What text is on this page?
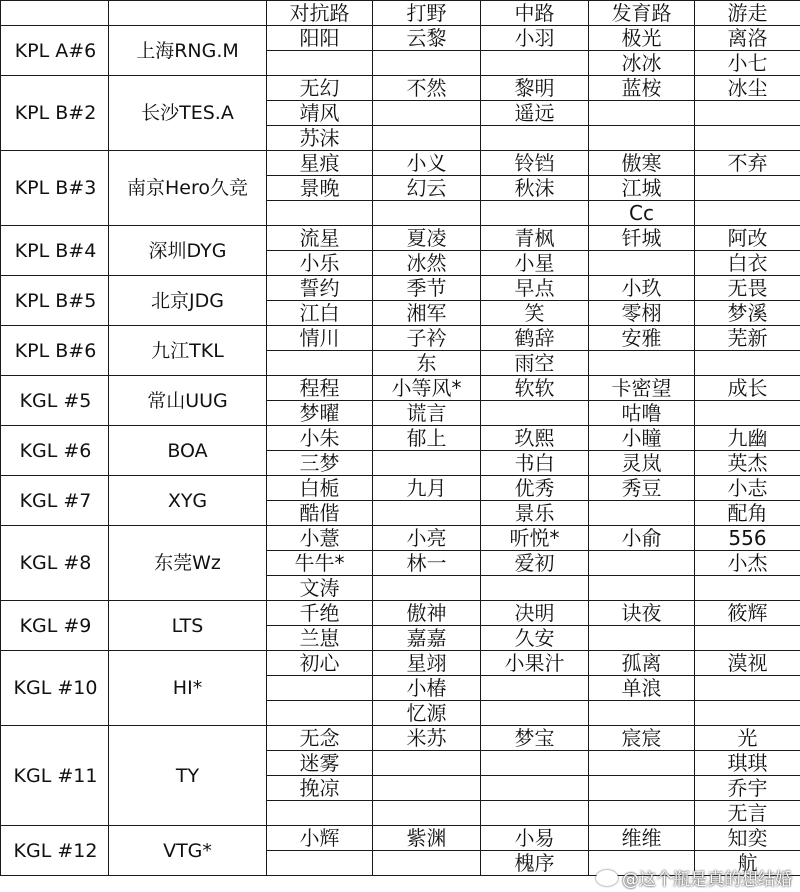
		对抗路	打野	中路	发育路	游走
KPL A#6	上海RNG.M	阳阳	云黎	小羽	极光	离洛
					冰冰	小七
KPL B#2	长沙TES.A	无幻	不然	黎明	蓝桉	冰尘
		靖风		遥远		
		苏沫				
KPL B#3	南京Hero久竞	星痕	小义	铃铛	傲寒	不弃
		景晚	幻云	秋沫	江城	
					Cc	
KPL B#4	深圳DYG	流星	夏凌	青枫	钎城	阿改
		小乐	冰然	小星		白衣
KPL B#5	北京JDG	誓约	季节	早点	小玖	无畏
		江白	湘军	笑	零栩	梦溪
KPL B#6	九江TKL	情川	子衿	鹤辞	安雅	芜新
			东	雨空		
KGL #5	常山UUG	程程	小等风*	软软	卡密望	成长
		梦曜	谎言		咕噜	
KGL #6	BOA	小朱	郁上	玖熙	小瞳	九幽
		三梦		书白	灵岚	英杰
KGL #7	XYG	白栀	九月	优秀	秀豆	小志
		酷偕		景乐		配角
KGL #8	东莞Wz	小薏	小亮	听悦*	小俞	556
		牛牛*	林一	爱初		小杰
		文涛				
KGL #9	LTS	千绝	傲神	决明	诀夜	筱辉
		兰崽	嘉嘉	久安		
KGL #10	HI*	初心	星翊	小果汁	孤离	漠视
			小椿		单浪	
			忆源			
KGL #11	TY	无念	米苏	梦宝	宸宸	光
		迷雾				琪琪
		挽凉				乔宇
						无言
KGL #12	VTG*	小辉	紫渊	小易	维维	知奕
				槐序		航
@这个瓶是真的想结婚
